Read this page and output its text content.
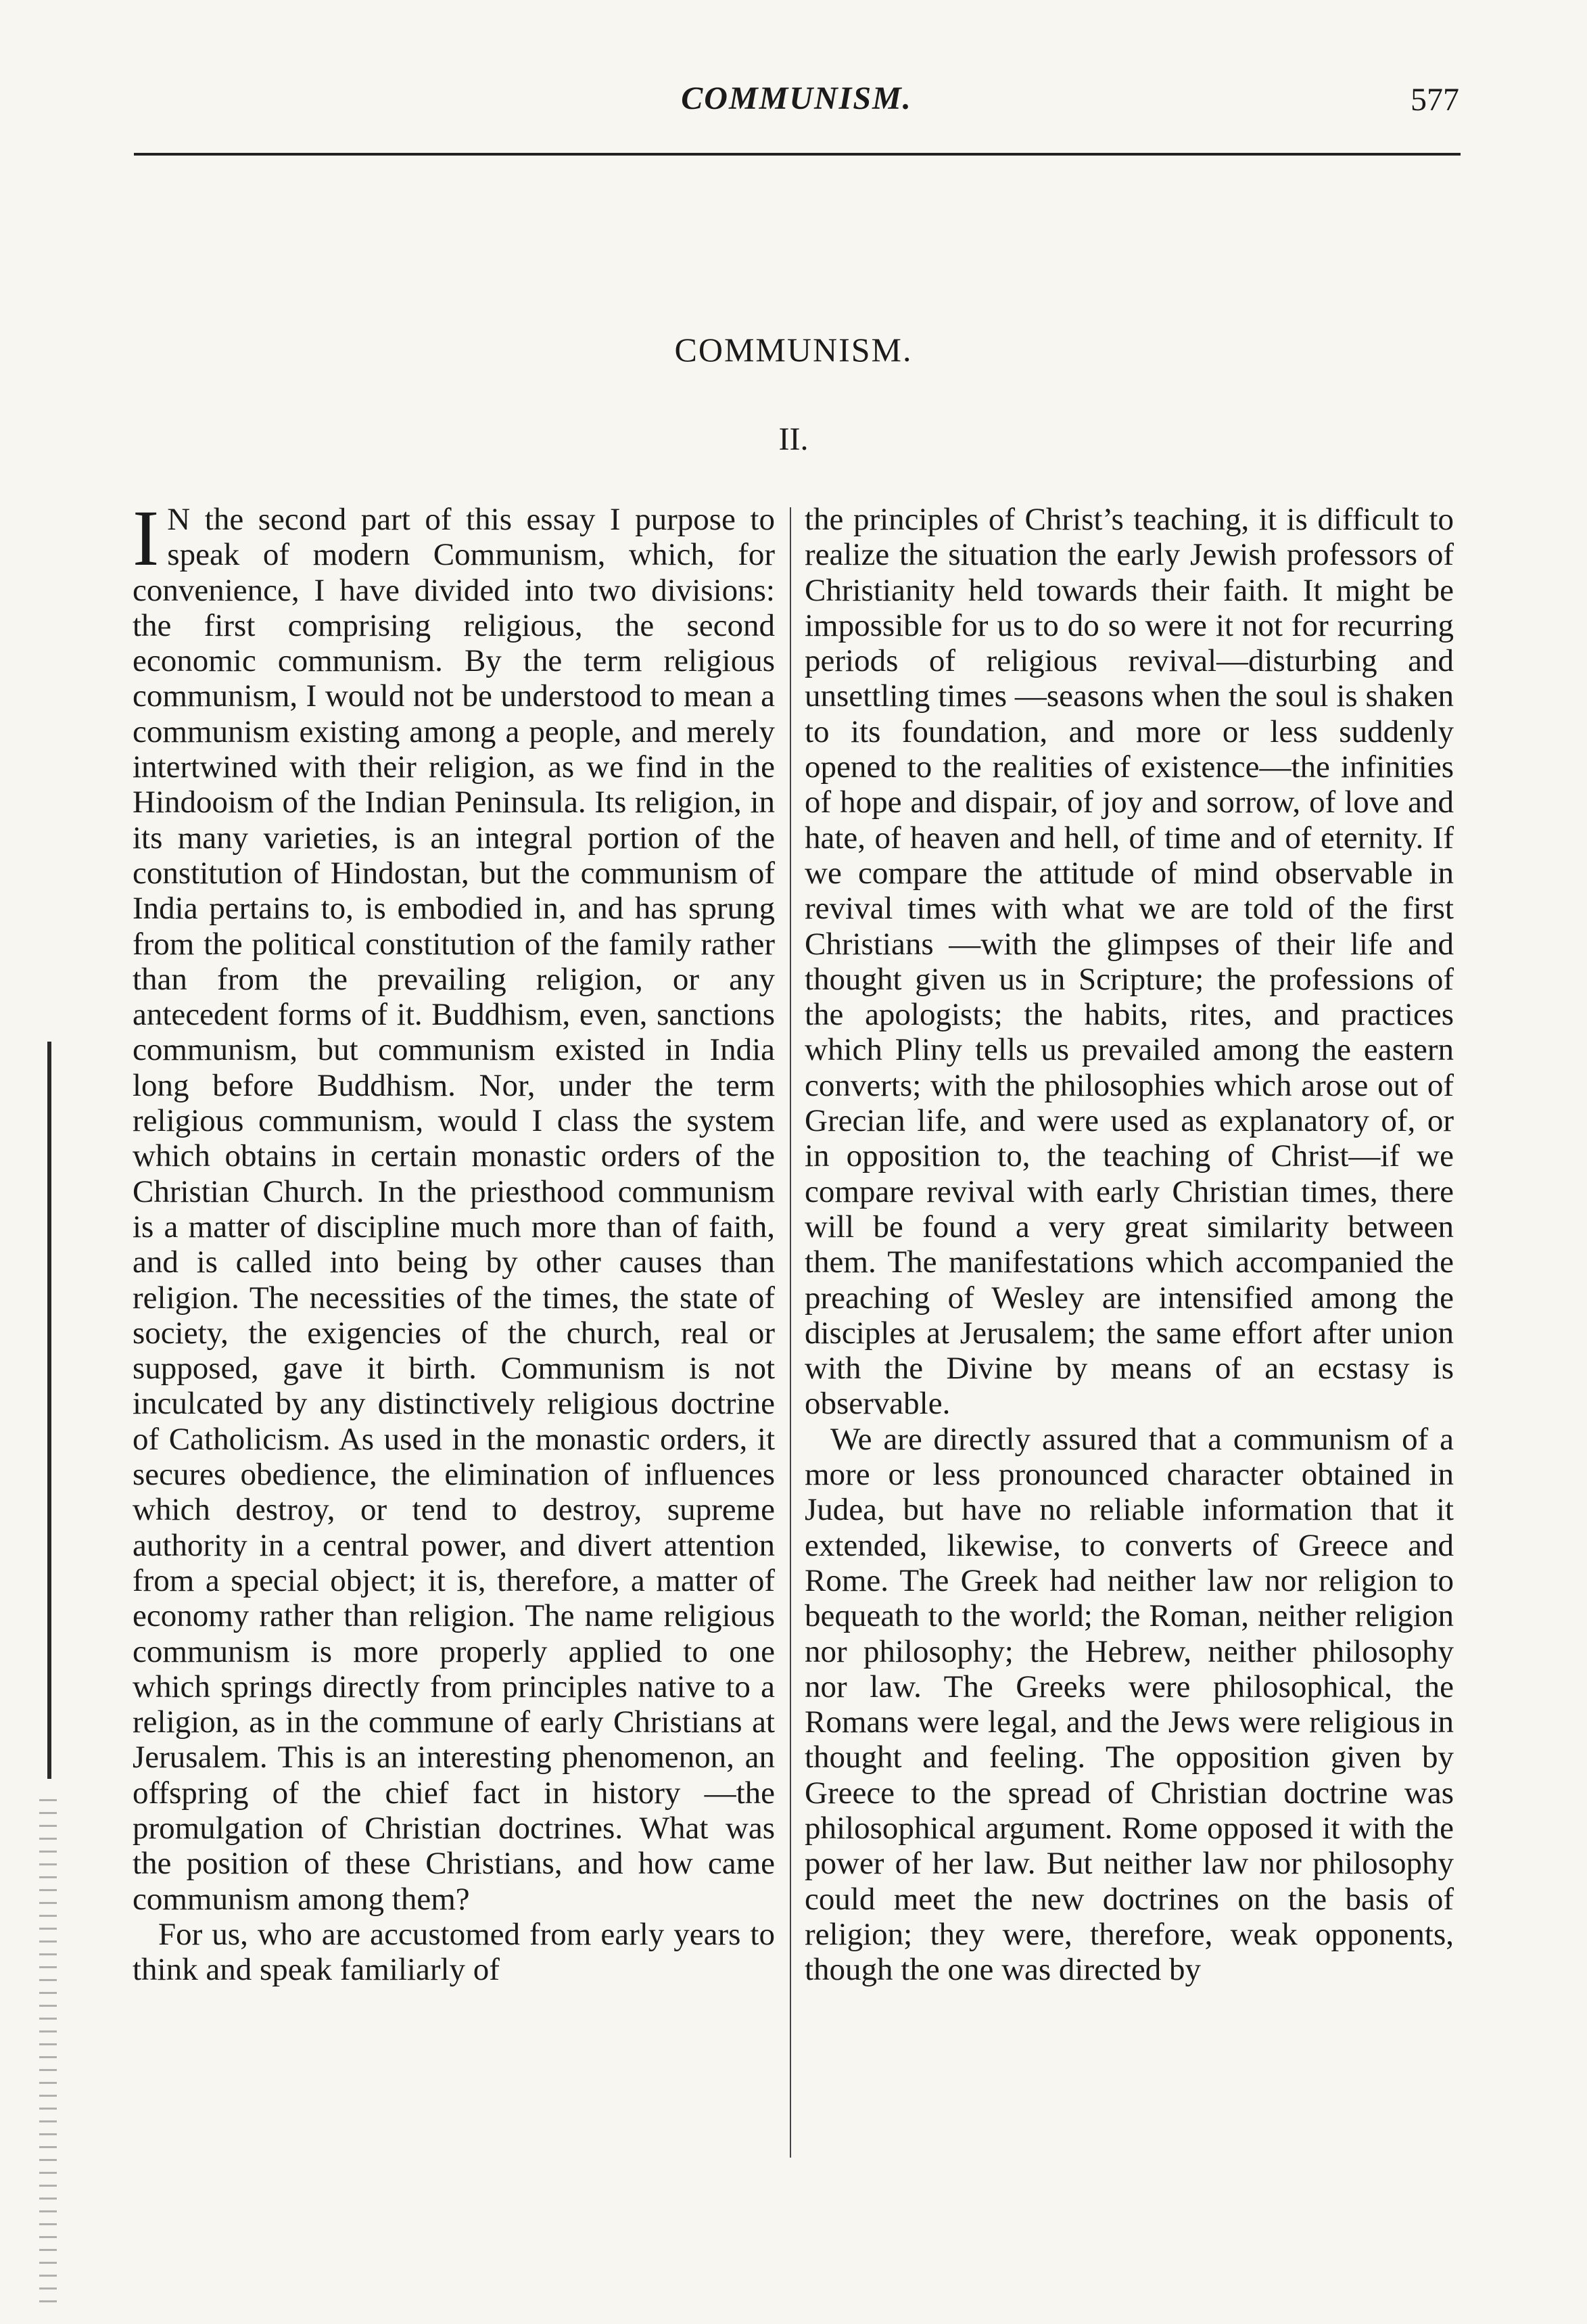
COMMUNISM.	577
COMMUNISM.
II.

I N the second part of this essay I purpose to speak of modern Communism, which, for convenience, I have divided into two divisions: the first comprising religious, the second economic communism. By the term religious communism, I would not be understood to mean a communism existing among a people, and merely intertwined with their religion, as we find in the Hindooism of the Indian Peninsula. Its religion, in its many varieties, is an integral portion of the constitution of Hindostan, but the communism of India pertains to, is embodied in, and has sprung from the political constitution of the family rather than from the prevailing religion, or any antecedent forms of it. Buddhism, even, sanctions communism, but communism existed in India long before Buddhism. Nor, under the term religious communism, would I class the system which obtains in certain monastic orders of the Christian Church. In the priesthood communism is a matter of discipline much more than of faith, and is called into being by other causes than religion. The necessities of the times, the state of society, the exigencies of the church, real or supposed, gave it birth. Communism is not inculcated by any distinctively religious doctrine of Catholicism. As used in the monastic orders, it secures obedience, the elimination of influences which destroy, or tend to destroy, supreme authority in a central power, and divert attention from a special object; it is, therefore, a matter of economy rather than religion. The name religious communism is more properly applied to one which springs directly from principles native to a religion, as in the commune of early Christians at Jerusalem. This is an interesting phenomenon, an offspring of the chief fact in history —the promulgation of Christian doctrines. What was the position of these Christians, and how came communism among them?

For us, who are accustomed from early years to think and speak familiarly of

the principles of Christ’s teaching, it is difficult to realize the situation the early Jewish professors of Christianity held towards their faith. It might be impossible for us to do so were it not for recurring periods of religious revival—disturbing and unsettling times —seasons when the soul is shaken to its foundation, and more or less suddenly opened to the realities of existence—the infinities of hope and dispair, of joy and sorrow, of love and hate, of heaven and hell, of time and of eternity. If we compare the attitude of mind observable in revival times with what we are told of the first Christians —with the glimpses of their life and thought given us in Scripture; the professions of the apologists; the habits, rites, and practices which Pliny tells us prevailed among the eastern converts; with the philosophies which arose out of Grecian life, and were used as explanatory of, or in opposition to, the teaching of Christ—if we compare revival with early Christian times, there will be found a very great similarity between them. The manifestations which accompanied the preaching of Wesley are intensified among the disciples at Jerusalem; the same effort after union with the Divine by means of an ecstasy is observable.

We are directly assured that a communism of a more or less pronounced character obtained in Judea, but have no reliable information that it extended, likewise, to converts of Greece and Rome. The Greek had neither law nor religion to bequeath to the world; the Roman, neither religion nor philosophy; the Hebrew, neither philosophy nor law. The Greeks were philosophical, the Romans were legal, and the Jews were religious in thought and feeling. The opposition given by Greece to the spread of Christian doctrine was philosophical argument. Rome opposed it with the power of her law. But neither law nor philosophy could meet the new doctrines on the basis of religion; they were, therefore, weak opponents, though the one was directed by
